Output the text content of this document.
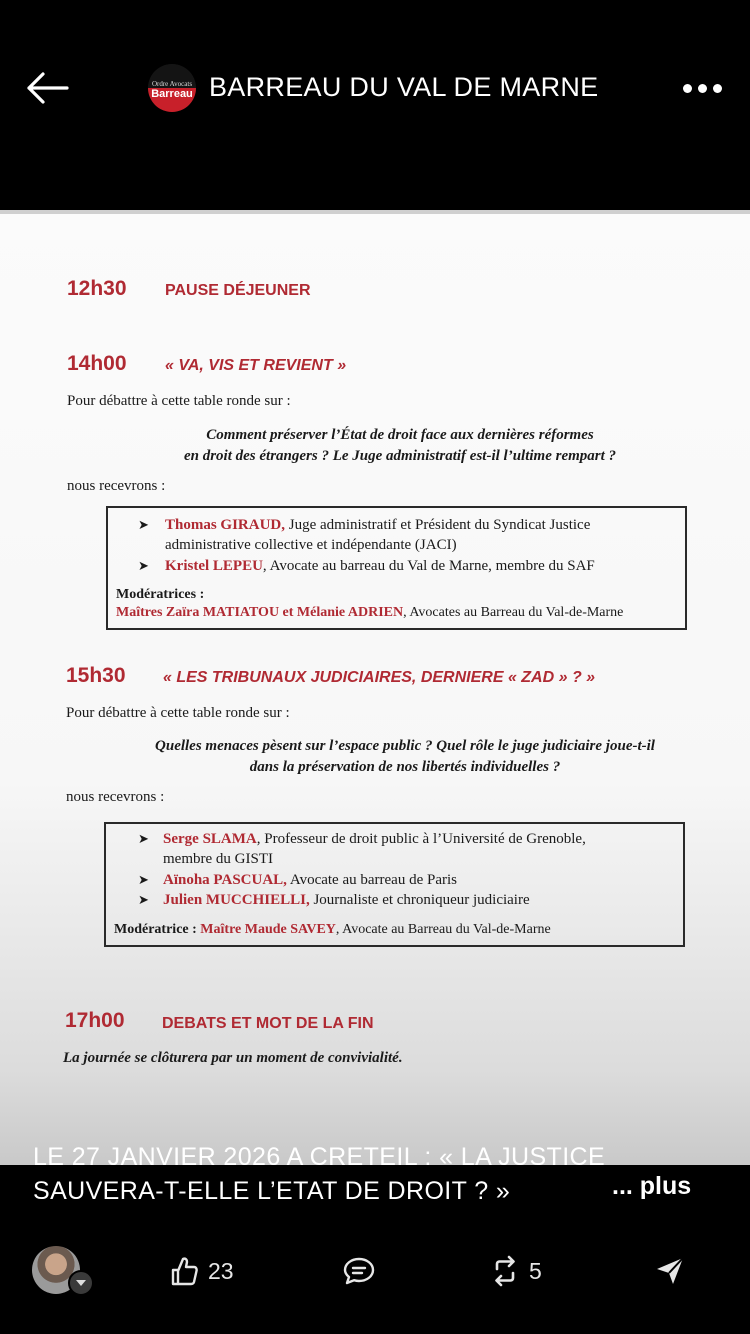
Ordre Avocats
Barreau BARREAU DU VAL DE MARNE
12h30 PAUSE DÉJEUNER
14h00 « VA, VIS ET REVIENT »
Pour débattre à cette table ronde sur :
Comment préserver l’État de droit face aux dernières réformes
en droit des étrangers ? Le Juge administratif est-il l’ultime rempart ?
nous recevrons :
➤	Thomas GIRAUD, Juge administratif et Président du Syndicat Justice
administrative collective et indépendante (JACI)
➤	Kristel LEPEU, Avocate au barreau du Val de Marne, membre du SAF
Modératrices :
Maîtres Zaïra MATIATOU et Mélanie ADRIEN, Avocates au Barreau du Val-de-Marne
15h30 « LES TRIBUNAUX JUDICIAIRES, DERNIERE « ZAD » ? »
Pour débattre à cette table ronde sur :
Quelles menaces pèsent sur l’espace public ? Quel rôle le juge judiciaire joue-t-il
dans la préservation de nos libertés individuelles ?
nous recevrons :
➤ Serge SLAMA, Professeur de droit public à l’Université de Grenoble,
membre du GISTI
➤ Aïnoha PASCUAL, Avocate au barreau de Paris
➤ Julien MUCCHIELLI, Journaliste et chroniqueur judiciaire
Modératrice : Maître Maude SAVEY, Avocate au Barreau du Val-de-Marne
17h00 DEBATS ET MOT DE LA FIN
La journée se clôturera par un moment de convivialité.
LE 27 JANVIER 2026 A CRETEIL : « LA JUSTICE
SAUVERA-T-ELLE L’ETAT DE DROIT ? »	... plus
23	5
